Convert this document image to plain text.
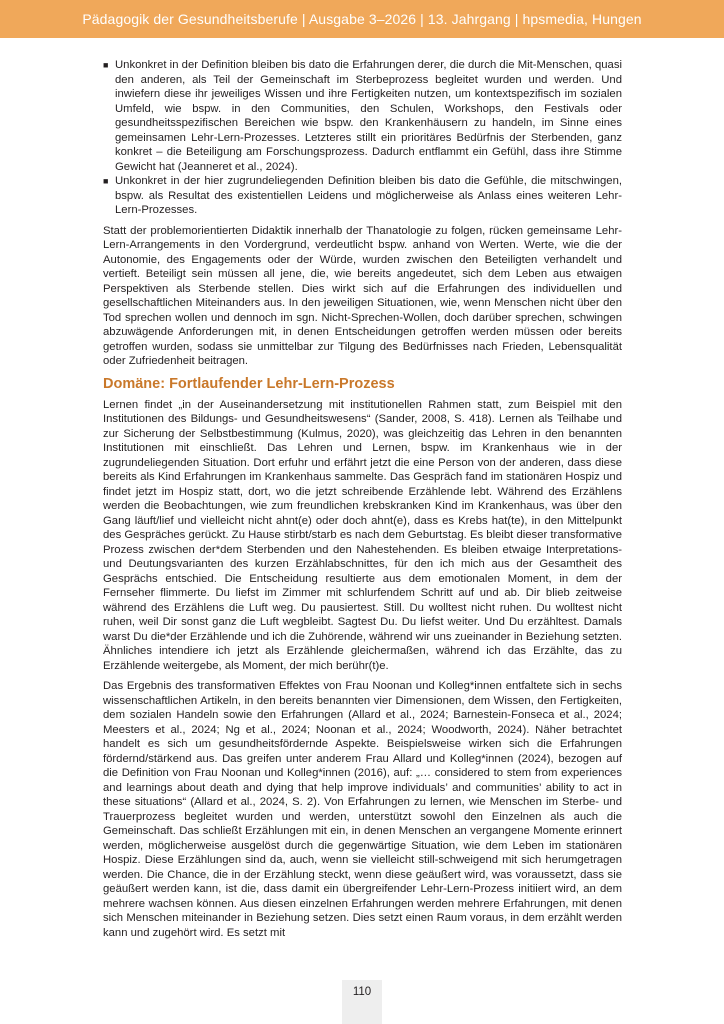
Pädagogik der Gesundheitsberufe | Ausgabe 3–2026 | 13. Jahrgang | hpsmedia, Hungen
■ Unkonkret in der Definition bleiben bis dato die Erfahrungen derer, die durch die Mit-Menschen, quasi den anderen, als Teil der Gemeinschaft im Sterbeprozess begleitet wurden und werden. Und inwiefern diese ihr jeweiliges Wissen und ihre Fertigkeiten nutzen, um kontextspezifisch im sozialen Umfeld, wie bspw. in den Communities, den Schulen, Workshops, den Festivals oder gesundheitsspezifischen Bereichen wie bspw. den Krankenhäusern zu handeln, im Sinne eines gemeinsamen Lehr-Lern-Prozesses. Letzteres stillt ein prioritäres Bedürfnis der Sterbenden, ganz konkret – die Beteiligung am Forschungsprozess. Dadurch entflammt ein Gefühl, dass ihre Stimme Gewicht hat (Jeanneret et al., 2024).
■ Unkonkret in der hier zugrundeliegenden Definition bleiben bis dato die Gefühle, die mitschwingen, bspw. als Resultat des existentiellen Leidens und möglicherweise als Anlass eines weiteren Lehr-Lern-Prozesses.

Statt der problemorientierten Didaktik innerhalb der Thanatologie zu folgen, rücken gemeinsame Lehr-Lern-Arrangements in den Vordergrund, verdeutlicht bspw. anhand von Werten. Werte, wie die der Autonomie, des Engagements oder der Würde, wurden zwischen den Beteiligten verhandelt und vertieft. Beteiligt sein müssen all jene, die, wie bereits angedeutet, sich dem Leben aus etwaigen Perspektiven als Sterbende stellen. Dies wirkt sich auf die Erfahrungen des individuellen und gesellschaftlichen Miteinanders aus. In den jeweiligen Situationen, wie, wenn Menschen nicht über den Tod sprechen wollen und dennoch im sgn. Nicht-Sprechen-Wollen, doch darüber sprechen, schwingen abzuwägende Anforderungen mit, in denen Entscheidungen getroffen werden müssen oder bereits getroffen wurden, sodass sie unmittelbar zur Tilgung des Bedürfnisses nach Frieden, Lebensqualität oder Zufriedenheit beitragen.

Domäne: Fortlaufender Lehr-Lern-Prozess

Lernen findet „in der Auseinandersetzung mit institutionellen Rahmen statt, zum Beispiel mit den Institutionen des Bildungs- und Gesundheitswesens“ (Sander, 2008, S. 418). Lernen als Teilhabe und zur Sicherung der Selbstbestimmung (Kulmus, 2020), was gleichzeitig das Lehren in den benannten Institutionen mit einschließt. Das Lehren und Lernen, bspw. im Krankenhaus wie in der zugrundeliegenden Situation. Dort erfuhr und erfährt jetzt die eine Person von der anderen, dass diese bereits als Kind Erfahrungen im Krankenhaus sammelte. Das Gespräch fand im stationären Hospiz und findet jetzt im Hospiz statt, dort, wo die jetzt schreibende Erzählende lebt. Während des Erzählens werden die Beobachtungen, wie zum freundlichen krebskranken Kind im Krankenhaus, was über den Gang läuft/lief und vielleicht nicht ahnt(e) oder doch ahnt(e), dass es Krebs hat(te), in den Mittelpunkt des Gespräches gerückt. Zu Hause stirbt/starb es nach dem Geburtstag. Es bleibt dieser transformative Prozess zwischen der*dem Sterbenden und den Nahestehenden. Es bleiben etwaige Interpretations- und Deutungsvarianten des kurzen Erzählabschnittes, für den ich mich aus der Gesamtheit des Gesprächs entschied. Die Entscheidung resultierte aus dem emotionalen Moment, in dem der Fernseher flimmerte. Du liefst im Zimmer mit schlurfendem Schritt auf und ab. Dir blieb zeitweise während des Erzählens die Luft weg. Du pausiertest. Still. Du wolltest nicht ruhen. Du wolltest nicht ruhen, weil Dir sonst ganz die Luft wegbleibt. Sagtest Du. Du liefst weiter. Und Du erzähltest. Damals warst Du die*der Erzählende und ich die Zuhörende, während wir uns zueinander in Beziehung setzten. Ähnliches intendiere ich jetzt als Erzählende gleichermaßen, während ich das Erzählte, das zu Erzählende weitergebe, als Moment, der mich berühr(t)e.

Das Ergebnis des transformativen Effektes von Frau Noonan und Kolleg*innen entfaltete sich in sechs wissenschaftlichen Artikeln, in den bereits benannten vier Dimensionen, dem Wissen, den Fertigkeiten, dem sozialen Handeln sowie den Erfahrungen (Allard et al., 2024; Barnestein-Fonseca et al., 2024; Meesters et al., 2024; Ng et al., 2024; Noonan et al., 2024; Woodworth, 2024). Näher betrachtet handelt es sich um gesundheitsfördernde Aspekte. Beispielsweise wirken sich die Erfahrungen fördernd/stärkend aus. Das greifen unter anderem Frau Allard und Kolleg*innen (2024), bezogen auf die Definition von Frau Noonan und Kolleg*innen (2016), auf: „… considered to stem from experiences and learnings about death and dying that help improve individuals’ and communities’ ability to act in these situations“ (Allard et al., 2024, S. 2). Von Erfahrungen zu lernen, wie Menschen im Sterbe- und Trauerprozess begleitet wurden und werden, unterstützt sowohl den Einzelnen als auch die Gemeinschaft. Das schließt Erzählungen mit ein, in denen Menschen an vergangene Momente erinnert werden, möglicherweise ausgelöst durch die gegenwärtige Situation, wie dem Leben im stationären Hospiz. Diese Erzählungen sind da, auch, wenn sie vielleicht still-schweigend mit sich herumgetragen werden. Die Chance, die in der Erzählung steckt, wenn diese geäußert wird, was voraussetzt, dass sie geäußert werden kann, ist die, dass damit ein übergreifender Lehr-Lern-Prozess initiiert wird, an dem mehrere wachsen können. Aus diesen einzelnen Erfahrungen werden mehrere Erfahrungen, mit denen sich Menschen miteinander in Beziehung setzen. Dies setzt einen Raum voraus, in dem erzählt werden kann und zugehört wird. Es setzt mit

110
